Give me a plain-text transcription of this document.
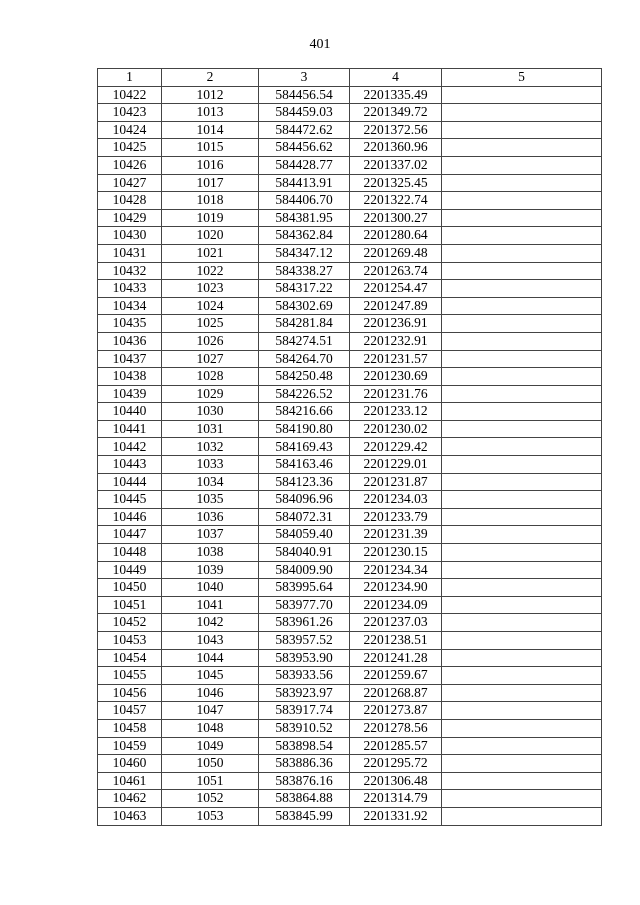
401
1	2	3	4	5
10422	1012	584456.54	2201335.49	
10423	1013	584459.03	2201349.72	
10424	1014	584472.62	2201372.56	
10425	1015	584456.62	2201360.96	
10426	1016	584428.77	2201337.02	
10427	1017	584413.91	2201325.45	
10428	1018	584406.70	2201322.74	
10429	1019	584381.95	2201300.27	
10430	1020	584362.84	2201280.64	
10431	1021	584347.12	2201269.48	
10432	1022	584338.27	2201263.74	
10433	1023	584317.22	2201254.47	
10434	1024	584302.69	2201247.89	
10435	1025	584281.84	2201236.91	
10436	1026	584274.51	2201232.91	
10437	1027	584264.70	2201231.57	
10438	1028	584250.48	2201230.69	
10439	1029	584226.52	2201231.76	
10440	1030	584216.66	2201233.12	
10441	1031	584190.80	2201230.02	
10442	1032	584169.43	2201229.42	
10443	1033	584163.46	2201229.01	
10444	1034	584123.36	2201231.87	
10445	1035	584096.96	2201234.03	
10446	1036	584072.31	2201233.79	
10447	1037	584059.40	2201231.39	
10448	1038	584040.91	2201230.15	
10449	1039	584009.90	2201234.34	
10450	1040	583995.64	2201234.90	
10451	1041	583977.70	2201234.09	
10452	1042	583961.26	2201237.03	
10453	1043	583957.52	2201238.51	
10454	1044	583953.90	2201241.28	
10455	1045	583933.56	2201259.67	
10456	1046	583923.97	2201268.87	
10457	1047	583917.74	2201273.87	
10458	1048	583910.52	2201278.56	
10459	1049	583898.54	2201285.57	
10460	1050	583886.36	2201295.72	
10461	1051	583876.16	2201306.48	
10462	1052	583864.88	2201314.79	
10463	1053	583845.99	2201331.92	
